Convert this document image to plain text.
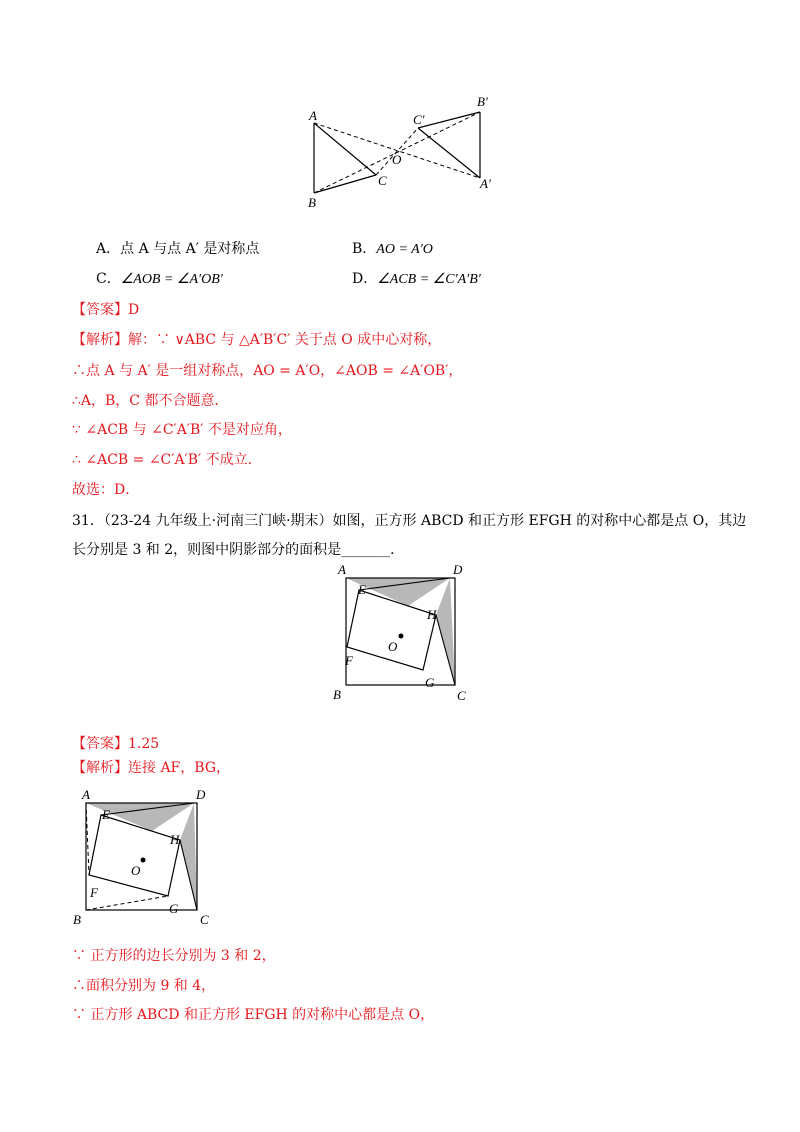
A
B
C
O
A′
B′
C′
A．点 A 与点 A′ 是对称点	B．AO = A′O
C．∠AOB = ∠A′OB′	D．∠ACB = ∠C′A′B′
【答案】D
【解析】解：∵ ∨ABC 与 △A′B′C′ 关于点 O 成中心对称，
∴点 A 与 A′ 是一组对称点，AO = A′O，∠AOB = ∠A′OB′，
∴A，B，C 都不合题意．
∵ ∠ACB 与 ∠C′A′B′ 不是对应角，
∴ ∠ACB = ∠C′A′B′ 不成立．
故选：D．
31．（23-24 九年级上·河南三门峡·期末）如图，正方形 ABCD 和正方形 EFGH 的对称中心都是点 O，其边
长分别是 3 和 2，则图中阴影部分的面积是_______．
A	D
E
H
O
F
G
B	C
【答案】1.25
【解析】连接 AF，BG，
A	D
E
H
O
F
G
B	C
∵ 正方形的边长分别为 3 和 2，
∴面积分别为 9 和 4，
∵ 正方形 ABCD 和正方形 EFGH 的对称中心都是点 O，
